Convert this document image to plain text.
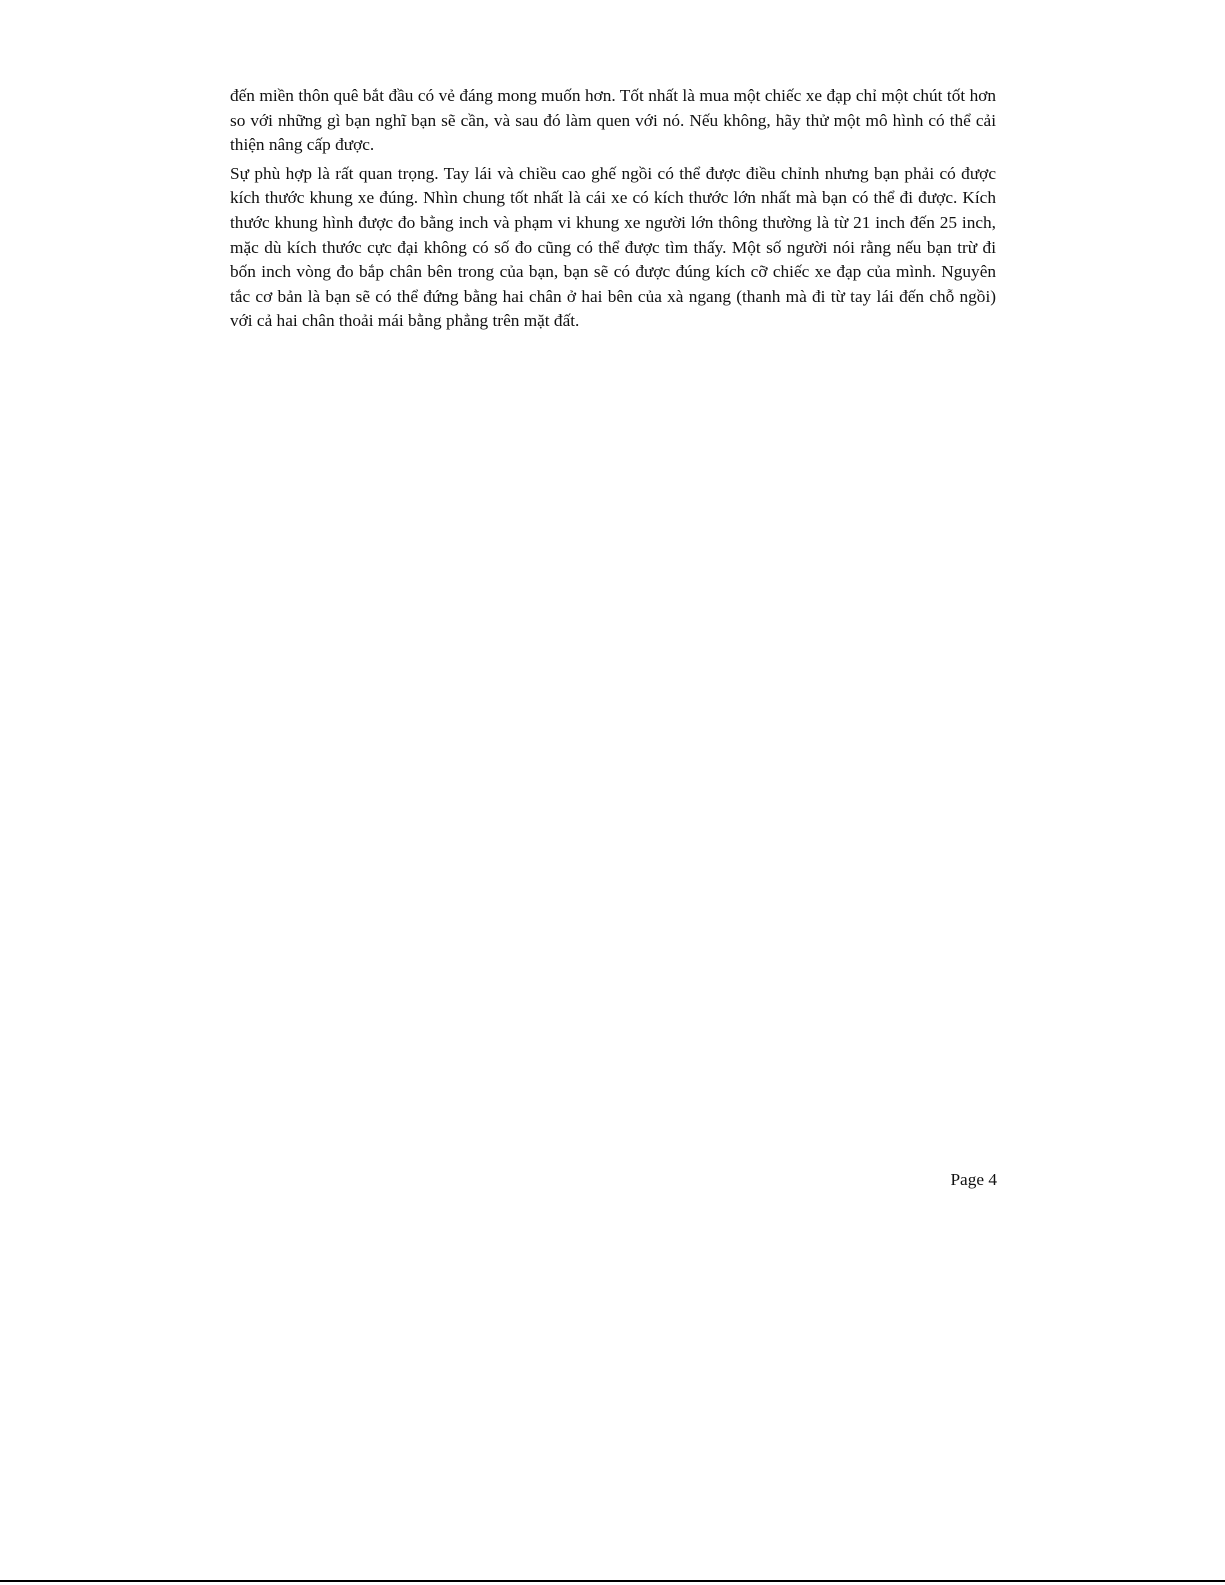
đến miền thôn quê bắt đầu có vẻ đáng mong muốn hơn. Tốt nhất là mua một chiếc xe đạp chỉ một chút tốt hơn so với những gì bạn nghĩ bạn sẽ cần, và sau đó làm quen với nó. Nếu không, hãy thử một mô hình có thể cải thiện nâng cấp được.

Sự phù hợp là rất quan trọng. Tay lái và chiều cao ghế ngồi có thể được điều chỉnh nhưng bạn phải có được kích thước khung xe đúng. Nhìn chung tốt nhất là cái xe có kích thước lớn nhất mà bạn có thể đi được. Kích thước khung hình được đo bằng inch và phạm vi khung xe người lớn thông thường là từ 21 inch đến 25 inch, mặc dù kích thước cực đại không có số đo cũng có thể được tìm thấy. Một số người nói rằng nếu bạn trừ đi bốn inch vòng đo bắp chân bên trong của bạn, bạn sẽ có được đúng kích cỡ chiếc xe đạp của mình. Nguyên tắc cơ bản là bạn sẽ có thể đứng bằng hai chân ở hai bên của xà ngang (thanh mà đi từ tay lái đến chỗ ngồi) với cả hai chân thoải mái bằng phẳng trên mặt đất.

Page 4
